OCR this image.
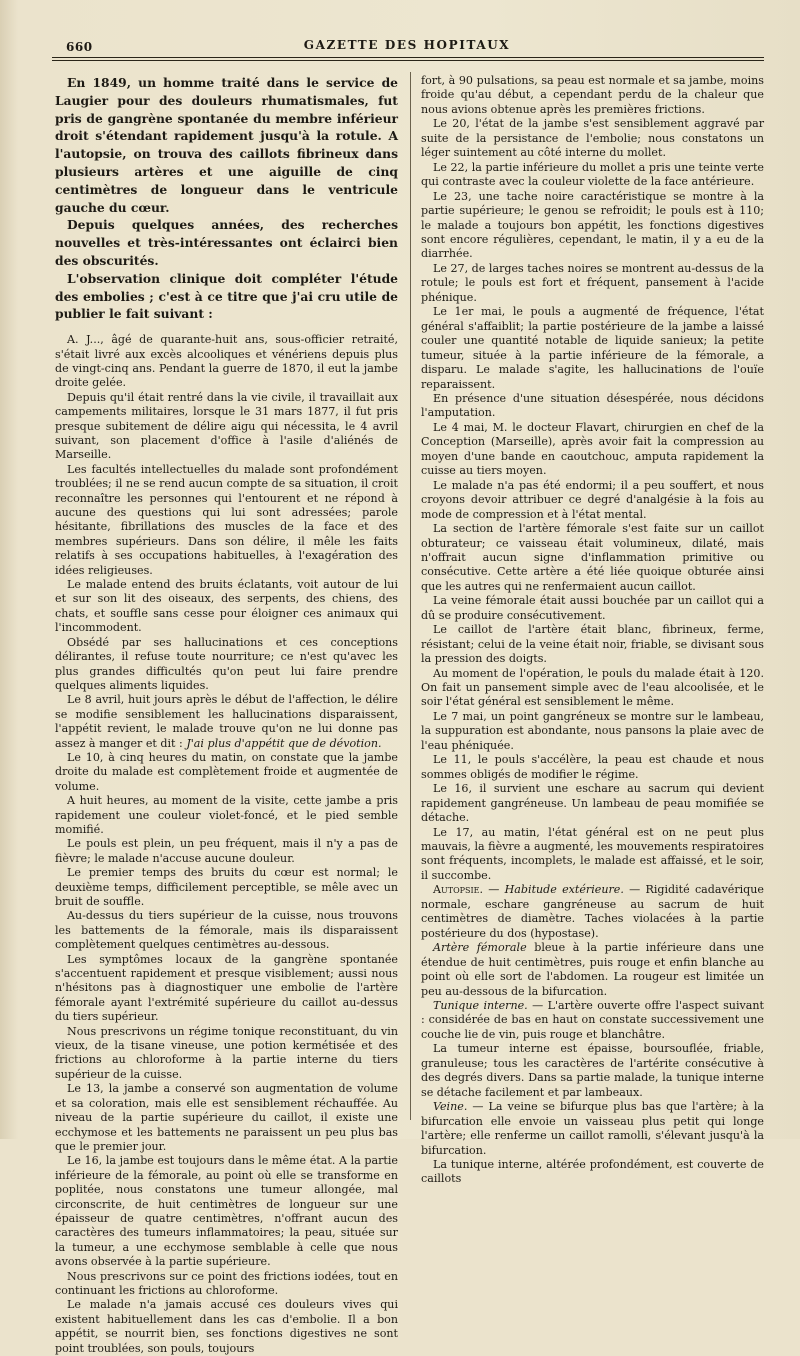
660	GAZETTE DES HOPITAUX

En 1849, un homme traité dans le service de Laugier pour des douleurs rhumatismales, fut pris de gangrène spontanée du membre inférieur droit s'étendant rapidement jusqu'à la rotule. A l'autopsie, on trouva des caillots fibrineux dans plusieurs artères et une aiguille de cinq centimètres de longueur dans le ventricule gauche du cœur.

Depuis quelques années, des recherches nouvelles et très-intéressantes ont éclairci bien des obscurités.

L'observation clinique doit compléter l'étude des embolies ; c'est à ce titre que j'ai cru utile de publier le fait suivant :

A. J..., âgé de quarante-huit ans, sous-officier retraité, s'était livré aux excès alcooliques et vénériens depuis plus de vingt-cinq ans. Pendant la guerre de 1870, il eut la jambe droite gelée.

Depuis qu'il était rentré dans la vie civile, il travaillait aux campements militaires, lorsque le 31 mars 1877, il fut pris presque subitement de délire aigu qui nécessita, le 4 avril suivant, son placement d'office à l'asile d'aliénés de Marseille.

Les facultés intellectuelles du malade sont profondément troublées; il ne se rend aucun compte de sa situation, il croit reconnaître les personnes qui l'entourent et ne répond à aucune des questions qui lui sont adressées; parole hésitante, fibrillations des muscles de la face et des membres supérieurs. Dans son délire, il mêle les faits relatifs à ses occupations habituelles, à l'exagération des idées religieuses.

Le malade entend des bruits éclatants, voit autour de lui et sur son lit des oiseaux, des serpents, des chiens, des chats, et souffle sans cesse pour éloigner ces animaux qui l'incommodent.

Obsédé par ses hallucinations et ces conceptions délirantes, il refuse toute nourriture; ce n'est qu'avec les plus grandes difficultés qu'on peut lui faire prendre quelques aliments liquides.

Le 8 avril, huit jours après le début de l'affection, le délire se modifie sensiblement les hallucinations disparaissent, l'appétit revient, le malade trouve qu'on ne lui donne pas assez à manger et dit : J'ai plus d'appétit que de dévotion.

Le 10, à cinq heures du matin, on constate que la jambe droite du malade est complètement froide et augmentée de volume.

A huit heures, au moment de la visite, cette jambe a pris rapidement une couleur violet-foncé, et le pied semble momifié.

Le pouls est plein, un peu fréquent, mais il n'y a pas de fièvre; le malade n'accuse aucune douleur.

Le premier temps des bruits du cœur est normal; le deuxième temps, difficilement perceptible, se mêle avec un bruit de souffle.

Au-dessus du tiers supérieur de la cuisse, nous trouvons les battements de la fémorale, mais ils disparaissent complètement quelques centimètres au-dessous.

Les symptômes locaux de la gangrène spontanée s'accentuent rapidement et presque visiblement; aussi nous n'hésitons pas à diagnostiquer une embolie de l'artère fémorale ayant l'extrémité supérieure du caillot au-dessus du tiers supérieur.

Nous prescrivons un régime tonique reconstituant, du vin vieux, de la tisane vineuse, une potion kermétisée et des frictions au chloroforme à la partie interne du tiers supérieur de la cuisse.

Le 13, la jambe a conservé son augmentation de volume et sa coloration, mais elle est sensiblement réchauffée. Au niveau de la partie supérieure du caillot, il existe une ecchymose et les battements ne paraissent un peu plus bas que le premier jour.

Le 16, la jambe est toujours dans le même état. A la partie inférieure de la fémorale, au point où elle se transforme en poplitée, nous constatons une tumeur allongée, mal circonscrite, de huit centimètres de longueur sur une épaisseur de quatre centimètres, n'offrant aucun des caractères des tumeurs inflammatoires; la peau, située sur la tumeur, a une ecchymose semblable à celle que nous avons observée à la partie supérieure.

Nous prescrivons sur ce point des frictions iodées, tout en continuant les frictions au chloroforme.

Le malade n'a jamais accusé ces douleurs vives qui existent habituellement dans les cas d'embolie. Il a bon appétit, se nourrit bien, ses fonctions digestives ne sont point troublées, son pouls, toujours

fort, à 90 pulsations, sa peau est normale et sa jambe, moins froide qu'au début, a cependant perdu de la chaleur que nous avions obtenue après les premières frictions.

Le 20, l'état de la jambe s'est sensiblement aggravé par suite de la persistance de l'embolie; nous constatons un léger suintement au côté interne du mollet.

Le 22, la partie inférieure du mollet a pris une teinte verte qui contraste avec la couleur violette de la face antérieure.

Le 23, une tache noire caractéristique se montre à la partie supérieure; le genou se refroidit; le pouls est à 110; le malade a toujours bon appétit, les fonctions digestives sont encore régulières, cependant, le matin, il y a eu de la diarrhée.

Le 27, de larges taches noires se montrent au-dessus de la rotule; le pouls est fort et fréquent, pansement à l'acide phénique.

Le 1er mai, le pouls a augmenté de fréquence, l'état général s'affaiblit; la partie postérieure de la jambe a laissé couler une quantité notable de liquide sanieux; la petite tumeur, située à la partie inférieure de la fémorale, a disparu. Le malade s'agite, les hallucinations de l'ouïe reparaissent.

En présence d'une situation désespérée, nous décidons l'amputation.

Le 4 mai, M. le docteur Flavart, chirurgien en chef de la Conception (Marseille), après avoir fait la compression au moyen d'une bande en caoutchouc, amputa rapidement la cuisse au tiers moyen.

Le malade n'a pas été endormi; il a peu souffert, et nous croyons devoir attribuer ce degré d'analgésie à la fois au mode de compression et à l'état mental.

La section de l'artère fémorale s'est faite sur un caillot obturateur; ce vaisseau était volumineux, dilaté, mais n'offrait aucun signe d'inflammation primitive ou consécutive. Cette artère a été liée quoique obturée ainsi que les autres qui ne renfermaient aucun caillot.

La veine fémorale était aussi bouchée par un caillot qui a dû se produire consécutivement.

Le caillot de l'artère était blanc, fibrineux, ferme, résistant; celui de la veine était noir, friable, se divisant sous la pression des doigts.

Au moment de l'opération, le pouls du malade était à 120. On fait un pansement simple avec de l'eau alcoolisée, et le soir l'état général est sensiblement le même.

Le 7 mai, un point gangréneux se montre sur le lambeau, la suppuration est abondante, nous pansons la plaie avec de l'eau phéniquée.

Le 11, le pouls s'accélère, la peau est chaude et nous sommes obligés de modifier le régime.

Le 16, il survient une eschare au sacrum qui devient rapidement gangréneuse. Un lambeau de peau momifiée se détache.

Le 17, au matin, l'état général est on ne peut plus mauvais, la fièvre a augmenté, les mouvements respiratoires sont fréquents, incomplets, le malade est affaissé, et le soir, il succombe.

Autopsie. — Habitude extérieure. — Rigidité cadavérique normale, eschare gangréneuse au sacrum de huit centimètres de diamètre. Taches violacées à la partie postérieure du dos (hypostase).

Artère fémorale bleue à la partie inférieure dans une étendue de huit centimètres, puis rouge et enfin blanche au point où elle sort de l'abdomen. La rougeur est limitée un peu au-dessous de la bifurcation.

Tunique interne. — L'artère ouverte offre l'aspect suivant : considérée de bas en haut on constate successivement une couche lie de vin, puis rouge et blanchâtre.

La tumeur interne est épaisse, boursouflée, friable, granuleuse; tous les caractères de l'artérite consécutive à des degrés divers. Dans sa partie malade, la tunique interne se détache facilement et par lambeaux.

Veine. — La veine se bifurque plus bas que l'artère; à la bifurcation elle envoie un vaisseau plus petit qui longe l'artère; elle renferme un caillot ramolli, s'élevant jusqu'à la bifurcation.

La tunique interne, altérée profondément, est couverte de caillots
